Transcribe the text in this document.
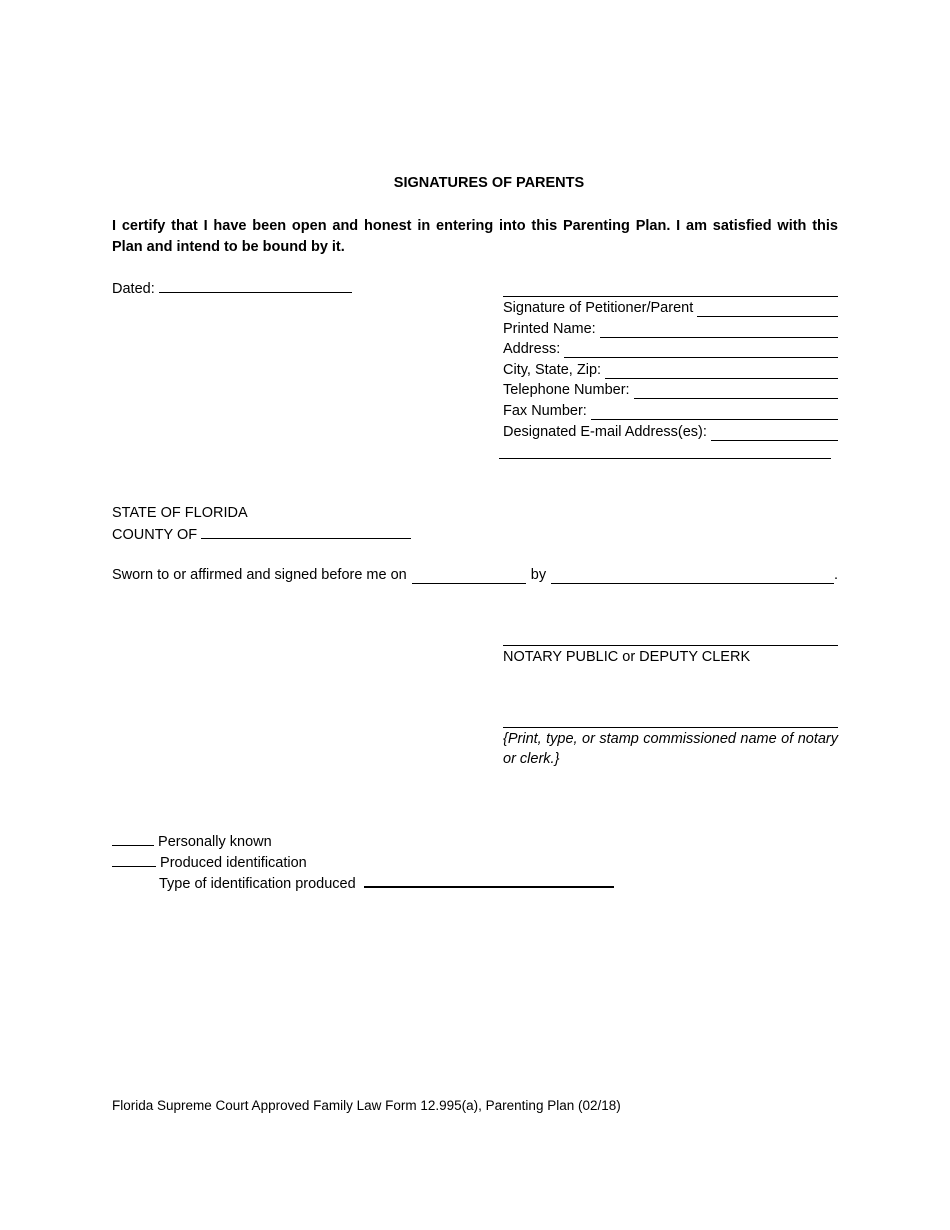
SIGNATURES OF PARENTS
I certify that I have been open and honest in entering into this Parenting Plan. I am satisfied with this Plan and intend to be bound by it.
Dated:
Signature of Petitioner/Parent
Printed Name:
Address:
City, State, Zip:
Telephone Number:
Fax Number:
Designated E-mail Address(es):
STATE OF FLORIDA
COUNTY OF
Sworn to or affirmed and signed before me on	by	.
NOTARY PUBLIC or DEPUTY CLERK
{Print, type, or stamp commissioned name of notary or clerk.}
Personally known
Produced identification
Type of identification produced
Florida Supreme Court Approved Family Law Form 12.995(a), Parenting Plan (02/18)
